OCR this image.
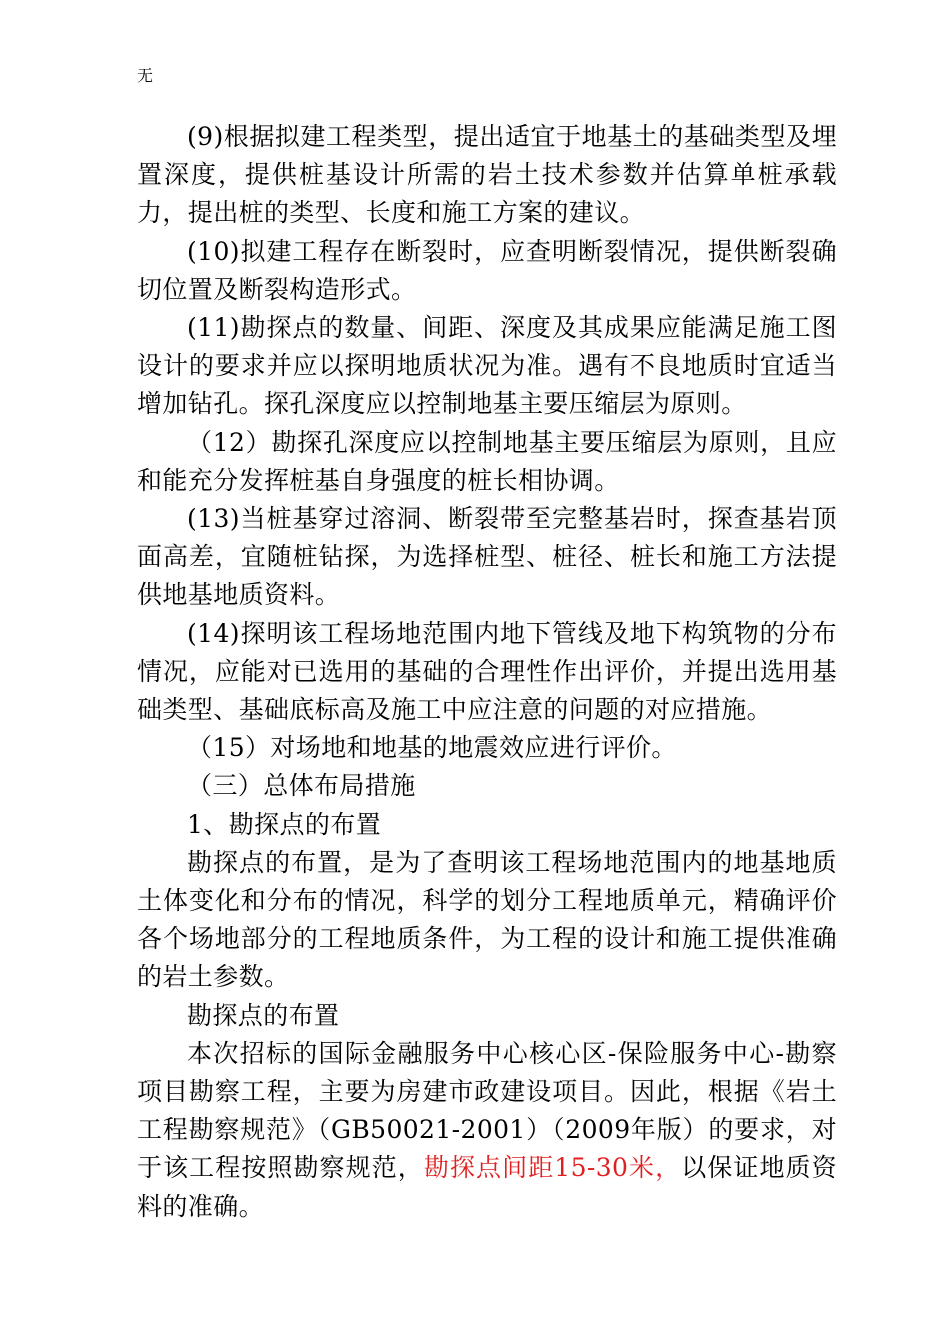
无

(9)根据拟建工程类型，提出适宜于地基土的基础类型及埋置深度，提供桩基设计所需的岩土技术参数并估算单桩承载力，提出桩的类型、长度和施工方案的建议。

(10)拟建工程存在断裂时，应查明断裂情况，提供断裂确切位置及断裂构造形式。

(11)勘探点的数量、间距、深度及其成果应能满足施工图设计的要求并应以探明地质状况为准。遇有不良地质时宜适当增加钻孔。探孔深度应以控制地基主要压缩层为原则。

（12）勘探孔深度应以控制地基主要压缩层为原则，且应和能充分发挥桩基自身强度的桩长相协调。

(13)当桩基穿过溶洞、断裂带至完整基岩时，探查基岩顶面高差，宜随桩钻探，为选择桩型、桩径、桩长和施工方法提供地基地质资料。

(14)探明该工程场地范围内地下管线及地下构筑物的分布情况，应能对已选用的基础的合理性作出评价，并提出选用基础类型、基础底标高及施工中应注意的问题的对应措施。

（15）对场地和地基的地震效应进行评价。

（三）总体布局措施

1、勘探点的布置

勘探点的布置，是为了查明该工程场地范围内的地基地质土体变化和分布的情况，科学的划分工程地质单元，精确评价各个场地部分的工程地质条件，为工程的设计和施工提供准确的岩土参数。

勘探点的布置

本次招标的国际金融服务中心核心区-保险服务中心-勘察项目勘察工程，主要为房建市政建设项目。因此，根据《岩土工程勘察规范》（GB50021-2001）（2009年版）的要求，对于该工程按照勘察规范，勘探点间距15-30米，以保证地质资料的准确。
